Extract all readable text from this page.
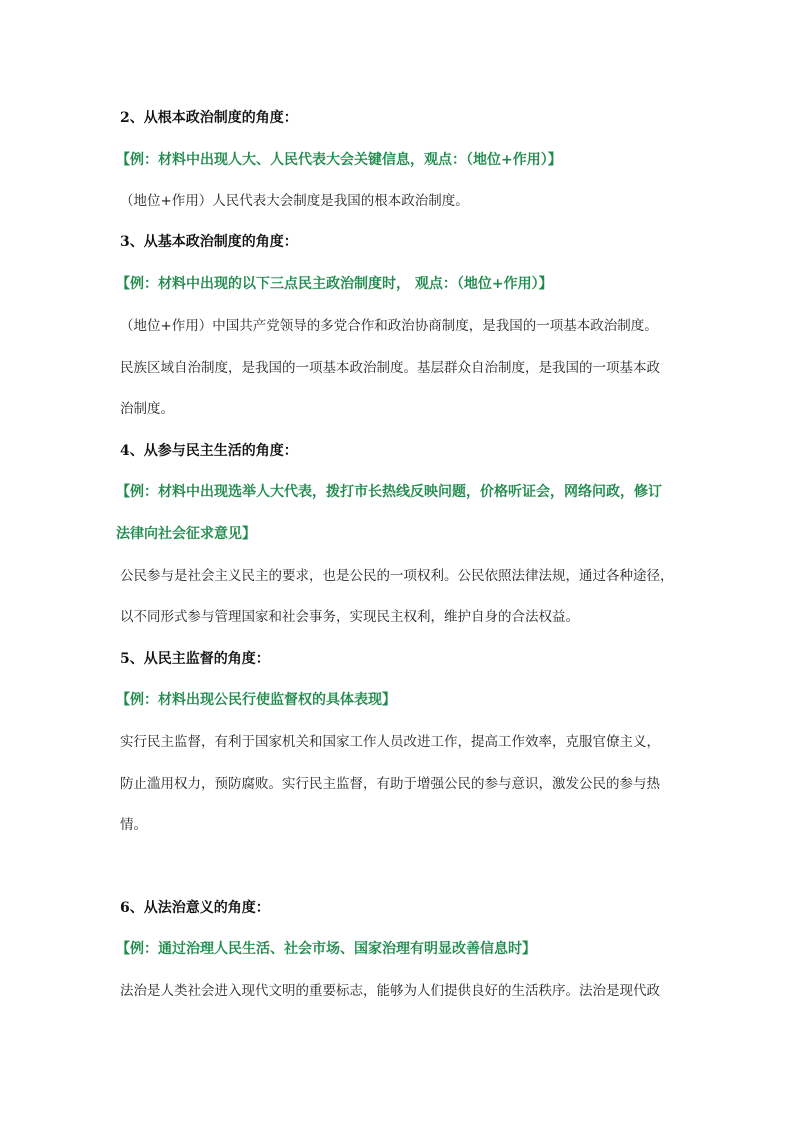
2、从根本政治制度的角度：
【例：材料中出现人大、人民代表大会关键信息，观点：（地位+作用）】
（地位+作用）人民代表大会制度是我国的根本政治制度。
3、从基本政治制度的角度：
【例：材料中出现的以下三点民主政治制度时， 观点：（地位+作用）】
（地位+作用）中国共产党领导的多党合作和政治协商制度，是我国的一项基本政治制度。
民族区域自治制度，是我国的一项基本政治制度。基层群众自治制度，是我国的一项基本政
治制度。
4、从参与民主生活的角度：
【例：材料中出现选举人大代表，拨打市长热线反映问题，价格听证会，网络问政，修订
法律向社会征求意见】
公民参与是社会主义民主的要求，也是公民的一项权利。公民依照法律法规，通过各种途径，
以不同形式参与管理国家和社会事务，实现民主权利，维护自身的合法权益。
5、从民主监督的角度：
【例：材料出现公民行使监督权的具体表现】
实行民主监督，有利于国家机关和国家工作人员改进工作，提高工作效率，克服官僚主义，
防止滥用权力，预防腐败。实行民主监督，有助于增强公民的参与意识，激发公民的参与热
情。
6、从法治意义的角度：
【例：通过治理人民生活、社会市场、国家治理有明显改善信息时】
法治是人类社会进入现代文明的重要标志，能够为人们提供良好的生活秩序。法治是现代政
